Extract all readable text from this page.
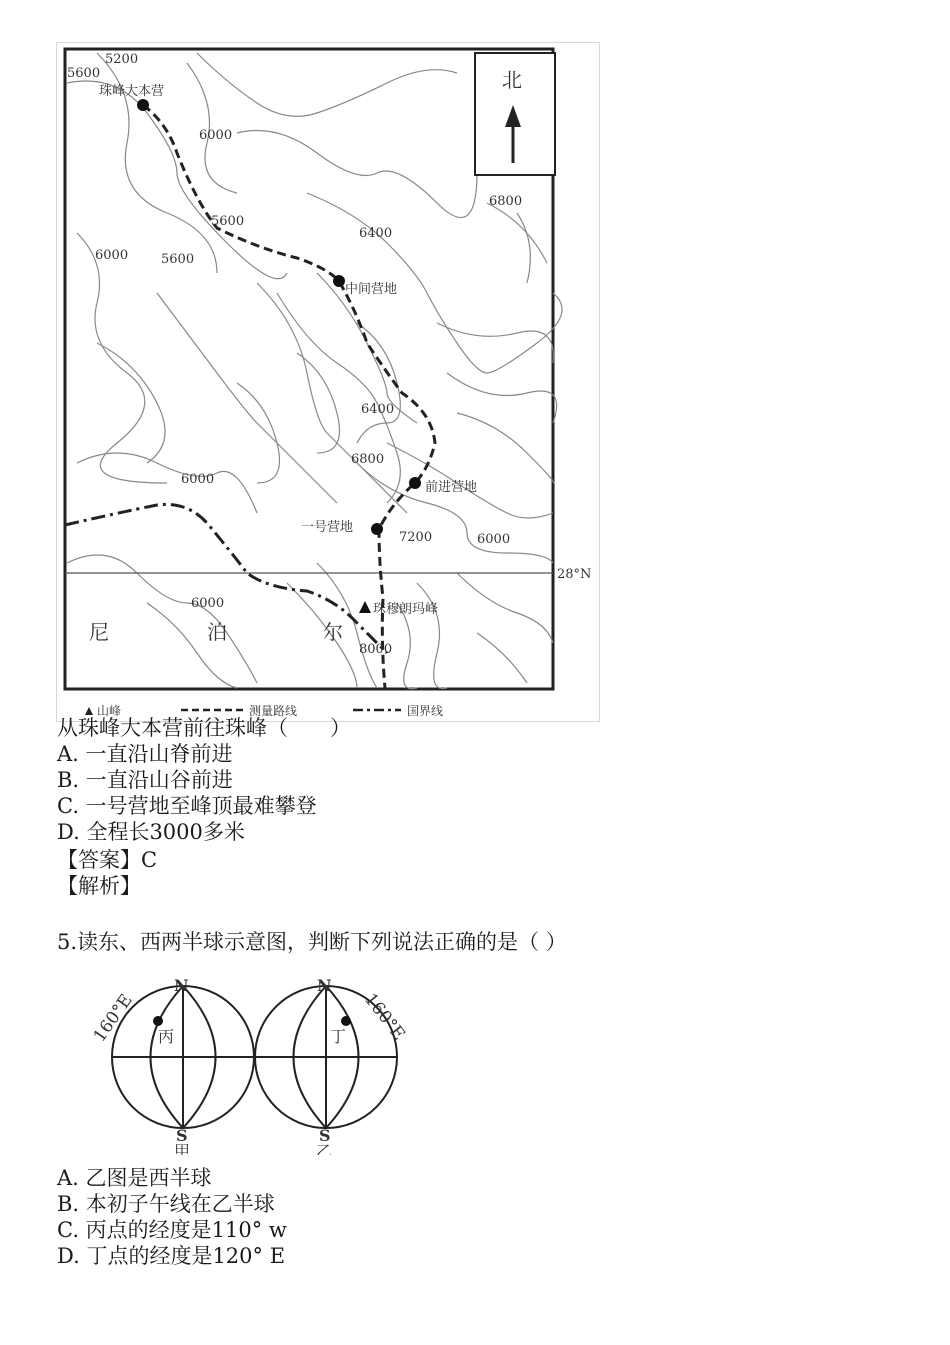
北
5200
5600
6000
5600
6000	5600
6400
6800
6400
6800
6000
7200	6000
6000
8000
珠峰大本营
中间营地
前进营地
一号营地
珠穆朗玛峰
28°N
尼	泊	尔
山峰	测量路线	国界线
从珠峰大本营前往珠峰（　　）
A. 一直沿山脊前进
B. 一直沿山谷前进
C. 一号营地至峰顶最难攀登
D. 全程长3000多米
【答案】C
【解析】
5.读东、西两半球示意图，判断下列说法正确的是（ ）
N
S
丙
甲
160°E
N
S
丁
乙
160°E
A. 乙图是西半球
B. 本初子午线在乙半球
C. 丙点的经度是110° w
D. 丁点的经度是120° E
